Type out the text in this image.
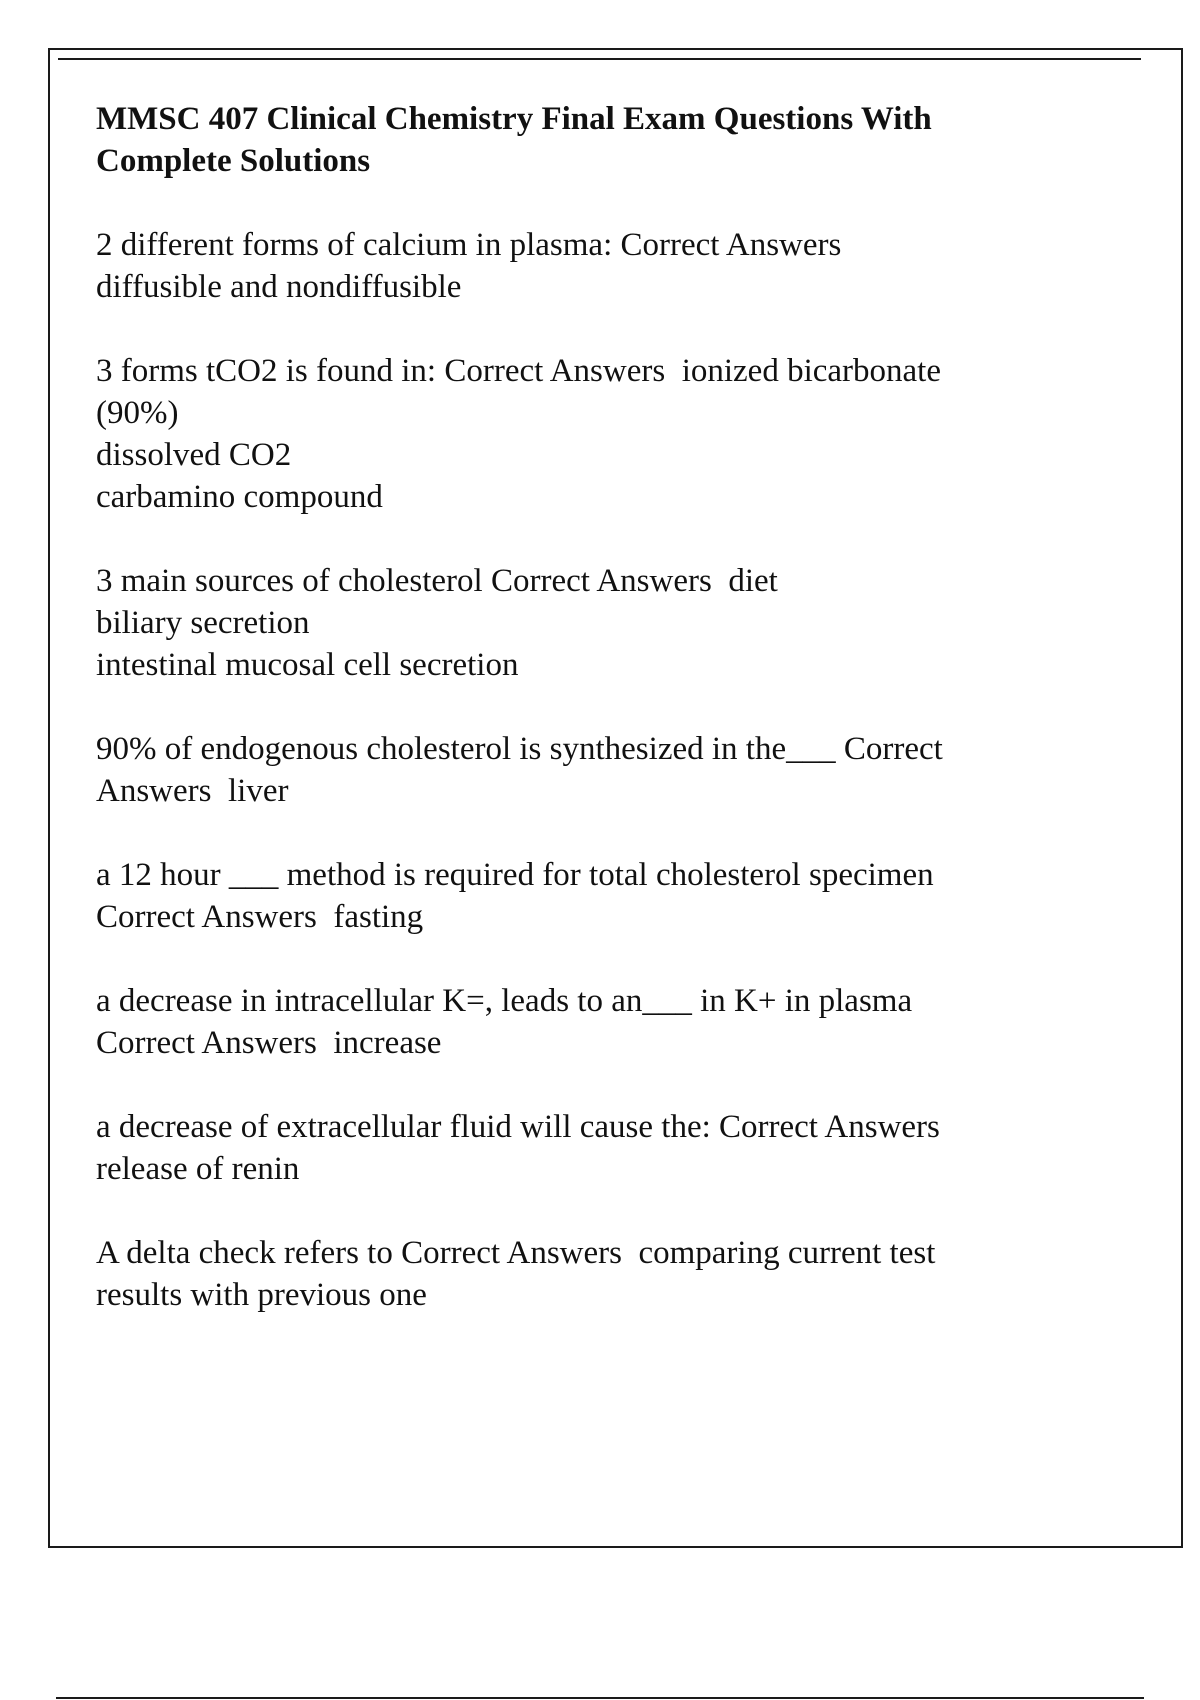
MMSC 407 Clinical Chemistry Final Exam Questions With
Complete Solutions
2 different forms of calcium in plasma: Correct Answers
diffusible and nondiffusible
3 forms tCO2 is found in: Correct Answers  ionized bicarbonate
(90%)
dissolved CO2
carbamino compound
3 main sources of cholesterol Correct Answers  diet
biliary secretion
intestinal mucosal cell secretion
90% of endogenous cholesterol is synthesized in the___ Correct
Answers  liver
a 12 hour ___ method is required for total cholesterol specimen
Correct Answers  fasting
a decrease in intracellular K=, leads to an___ in K+ in plasma
Correct Answers  increase
a decrease of extracellular fluid will cause the: Correct Answers
release of renin
A delta check refers to Correct Answers  comparing current test
results with previous one
